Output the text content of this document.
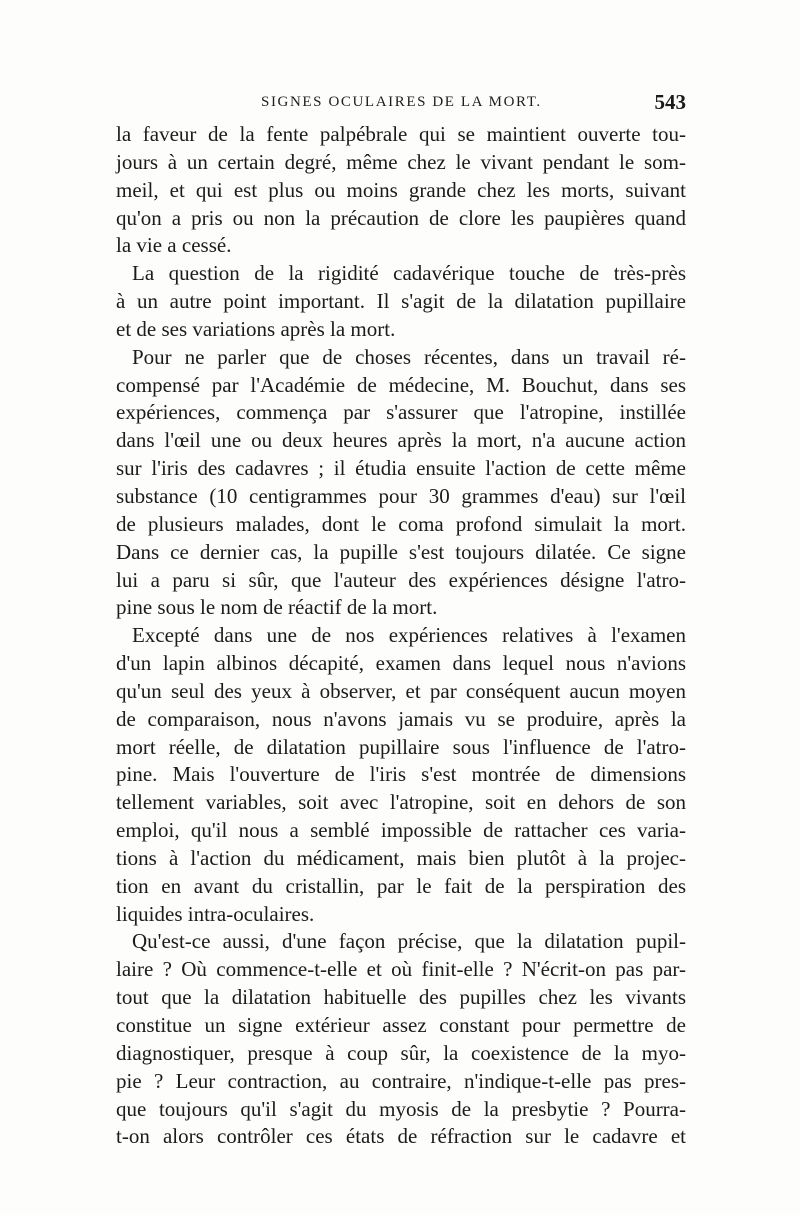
SIGNES OCULAIRES DE LA MORT.	543
la faveur de la fente palpébrale qui se maintient ouverte tou-
jours à un certain degré, même chez le vivant pendant le som-
meil, et qui est plus ou moins grande chez les morts, suivant
qu'on a pris ou non la précaution de clore les paupières quand
la vie a cessé.
La question de la rigidité cadavérique touche de très-près
à un autre point important. Il s'agit de la dilatation pupillaire
et de ses variations après la mort.
Pour ne parler que de choses récentes, dans un travail ré-
compensé par l'Académie de médecine, M. Bouchut, dans ses
expériences, commença par s'assurer que l'atropine, instillée
dans l'œil une ou deux heures après la mort, n'a aucune action
sur l'iris des cadavres ; il étudia ensuite l'action de cette même
substance (10 centigrammes pour 30 grammes d'eau) sur l'œil
de plusieurs malades, dont le coma profond simulait la mort.
Dans ce dernier cas, la pupille s'est toujours dilatée. Ce signe
lui a paru si sûr, que l'auteur des expériences désigne l'atro-
pine sous le nom de réactif de la mort.
Excepté dans une de nos expériences relatives à l'examen
d'un lapin albinos décapité, examen dans lequel nous n'avions
qu'un seul des yeux à observer, et par conséquent aucun moyen
de comparaison, nous n'avons jamais vu se produire, après la
mort réelle, de dilatation pupillaire sous l'influence de l'atro-
pine. Mais l'ouverture de l'iris s'est montrée de dimensions
tellement variables, soit avec l'atropine, soit en dehors de son
emploi, qu'il nous a semblé impossible de rattacher ces varia-
tions à l'action du médicament, mais bien plutôt à la projec-
tion en avant du cristallin, par le fait de la perspiration des
liquides intra-oculaires.
Qu'est-ce aussi, d'une façon précise, que la dilatation pupil-
laire ? Où commence-t-elle et où finit-elle ? N'écrit-on pas par-
tout que la dilatation habituelle des pupilles chez les vivants
constitue un signe extérieur assez constant pour permettre de
diagnostiquer, presque à coup sûr, la coexistence de la myo-
pie ? Leur contraction, au contraire, n'indique-t-elle pas pres-
que toujours qu'il s'agit du myosis de la presbytie ? Pourra-
t-on alors contrôler ces états de réfraction sur le cadavre et
